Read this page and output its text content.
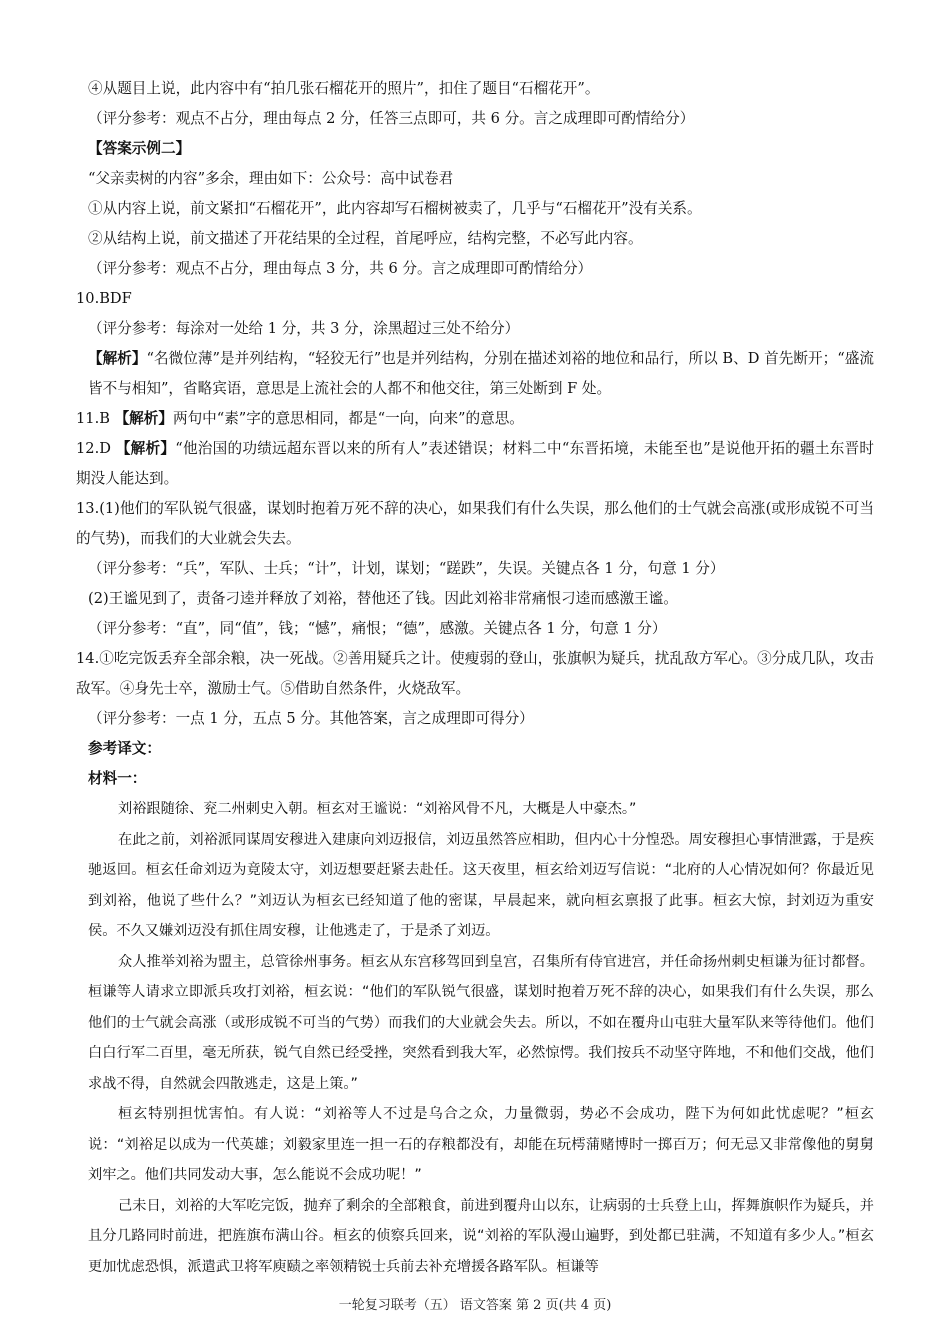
④从题目上说，此内容中有“拍几张石榴花开的照片”，扣住了题目“石榴花开”。
（评分参考：观点不占分，理由每点 2 分，任答三点即可，共 6 分。言之成理即可酌情给分）
【答案示例二】
“父亲卖树的内容”多余，理由如下：公众号：高中试卷君
①从内容上说，前文紧扣“石榴花开”，此内容却写石榴树被卖了，几乎与“石榴花开”没有关系。
②从结构上说，前文描述了开花结果的全过程，首尾呼应，结构完整，不必写此内容。
（评分参考：观点不占分，理由每点 3 分，共 6 分。言之成理即可酌情给分）
10.BDF
（评分参考：每涂对一处给 1 分，共 3 分，涂黑超过三处不给分）
【解析】“名微位薄”是并列结构，“轻狡无行”也是并列结构，分别在描述刘裕的地位和品行，所以 B、D 首先断开；“盛流皆不与相知”，省略宾语，意思是上流社会的人都不和他交往，第三处断到 F 处。
11.B 【解析】两句中“素”字的意思相同，都是“一向，向来”的意思。
12.D 【解析】“他治国的功绩远超东晋以来的所有人”表述错误；材料二中“东晋拓境，未能至也”是说他开拓的疆土东晋时期没人能达到。
13.(1)他们的军队锐气很盛，谋划时抱着万死不辞的决心，如果我们有什么失误，那么他们的士气就会高涨(或形成锐不可当的气势)，而我们的大业就会失去。
（评分参考：“兵”，军队、士兵；“计”，计划，谋划；“蹉跌”，失误。关键点各 1 分，句意 1 分）
(2)王谧见到了，责备刁逵并释放了刘裕，替他还了钱。因此刘裕非常痛恨刁逵而感激王谧。
（评分参考：“直”，同“值”，钱；“憾”，痛恨；“德”，感激。关键点各 1 分，句意 1 分）
14.①吃完饭丢弃全部余粮，决一死战。②善用疑兵之计。使瘦弱的登山，张旗帜为疑兵，扰乱敌方军心。③分成几队，攻击敌军。④身先士卒，激励士气。⑤借助自然条件，火烧敌军。
（评分参考：一点 1 分，五点 5 分。其他答案，言之成理即可得分）
参考译文：
材料一：
刘裕跟随徐、兖二州刺史入朝。桓玄对王谧说：“刘裕风骨不凡，大概是人中豪杰。”
在此之前，刘裕派同谋周安穆进入建康向刘迈报信，刘迈虽然答应相助，但内心十分惶恐。周安穆担心事情泄露，于是疾驰返回。桓玄任命刘迈为竟陵太守，刘迈想要赶紧去赴任。这天夜里，桓玄给刘迈写信说：“北府的人心情况如何？你最近见到刘裕，他说了些什么？”刘迈认为桓玄已经知道了他的密谋，早晨起来，就向桓玄禀报了此事。桓玄大惊，封刘迈为重安侯。不久又嫌刘迈没有抓住周安穆，让他逃走了，于是杀了刘迈。
众人推举刘裕为盟主，总管徐州事务。桓玄从东宫移驾回到皇宫，召集所有侍官进宫，并任命扬州刺史桓谦为征讨都督。桓谦等人请求立即派兵攻打刘裕，桓玄说：“他们的军队锐气很盛，谋划时抱着万死不辞的决心，如果我们有什么失误，那么他们的士气就会高涨（或形成锐不可当的气势）而我们的大业就会失去。所以，不如在覆舟山屯驻大量军队来等待他们。他们白白行军二百里，毫无所获，锐气自然已经受挫，突然看到我大军，必然惊愕。我们按兵不动坚守阵地，不和他们交战，他们求战不得，自然就会四散逃走，这是上策。”
桓玄特别担忧害怕。有人说：“刘裕等人不过是乌合之众，力量微弱，势必不会成功，陛下为何如此忧虑呢？”桓玄说：“刘裕足以成为一代英雄；刘毅家里连一担一石的存粮都没有，却能在玩樗蒲赌博时一掷百万；何无忌又非常像他的舅舅刘牢之。他们共同发动大事，怎么能说不会成功呢！”
己未日，刘裕的大军吃完饭，抛弃了剩余的全部粮食，前进到覆舟山以东，让病弱的士兵登上山，挥舞旗帜作为疑兵，并且分几路同时前进，把旌旗布满山谷。桓玄的侦察兵回来，说“刘裕的军队漫山遍野，到处都已驻满，不知道有多少人。”桓玄更加忧虑恐惧，派遣武卫将军庾赜之率领精锐士兵前去补充增援各路军队。桓谦等
一轮复习联考（五） 语文答案 第 2 页(共 4 页)
